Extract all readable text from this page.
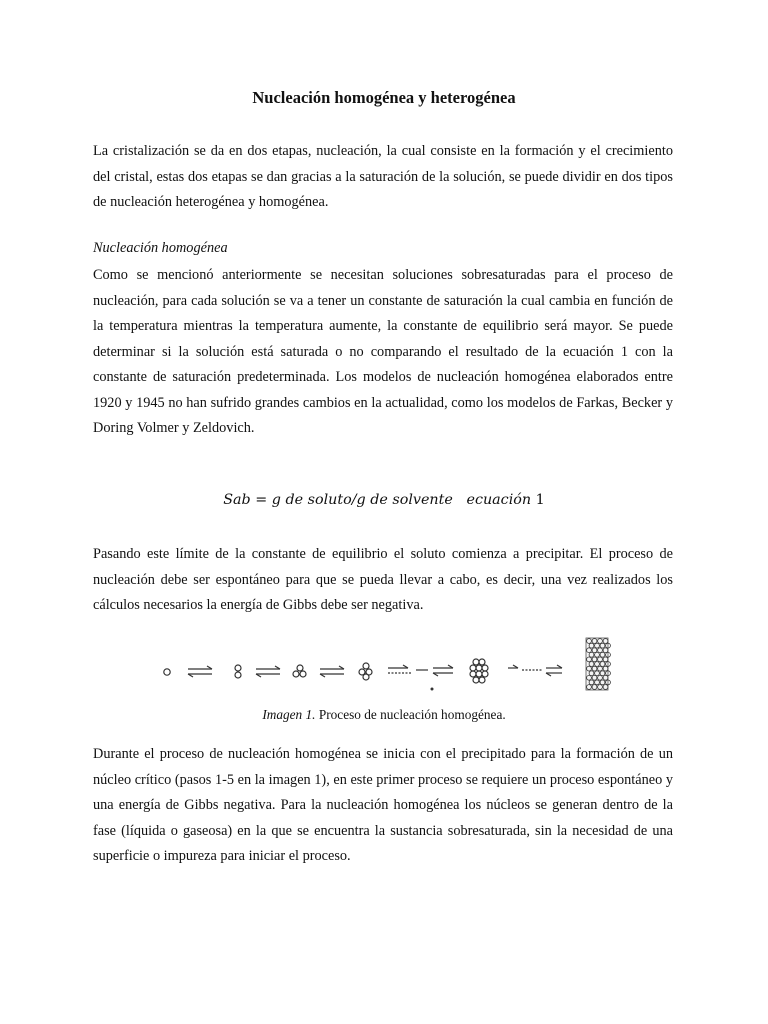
Nucleación homogénea y heterogénea

La cristalización se da en dos etapas, nucleación, la cual consiste en la formación y el crecimiento del cristal, estas dos etapas se dan gracias a la saturación de la solución, se puede dividir en dos tipos de nucleación heterogénea y homogénea.

Nucleación homogénea

Como se mencionó anteriormente se necesitan soluciones sobresaturadas para el proceso de nucleación, para cada solución se va a tener un constante de saturación la cual cambia en función de la temperatura mientras la temperatura aumente, la constante de equilibrio será mayor. Se puede determinar si la solución está saturada o no comparando el resultado de la ecuación 1 con la constante de saturación predeterminada. Los modelos de nucleación homogénea elaborados entre 1920 y 1945 no han sufrido grandes cambios en la actualidad, como los modelos de Farkas, Becker y Doring Volmer y Zeldovich.

Sab = g de soluto/g de solvente ecuación 1

Pasando este límite de la constante de equilibrio el soluto comienza a precipitar. El proceso de nucleación debe ser espontáneo para que se pueda llevar a cabo, es decir, una vez realizados los cálculos necesarios la energía de Gibbs debe ser negativa.

Imagen 1. Proceso de nucleación homogénea.

Durante el proceso de nucleación homogénea se inicia con el precipitado para la formación de un núcleo crítico (pasos 1-5 en la imagen 1), en este primer proceso se requiere un proceso espontáneo y una energía de Gibbs negativa. Para la nucleación homogénea los núcleos se generan dentro de la fase (líquida o gaseosa) en la que se encuentra la sustancia sobresaturada, sin la necesidad de una superficie o impureza para iniciar el proceso.
